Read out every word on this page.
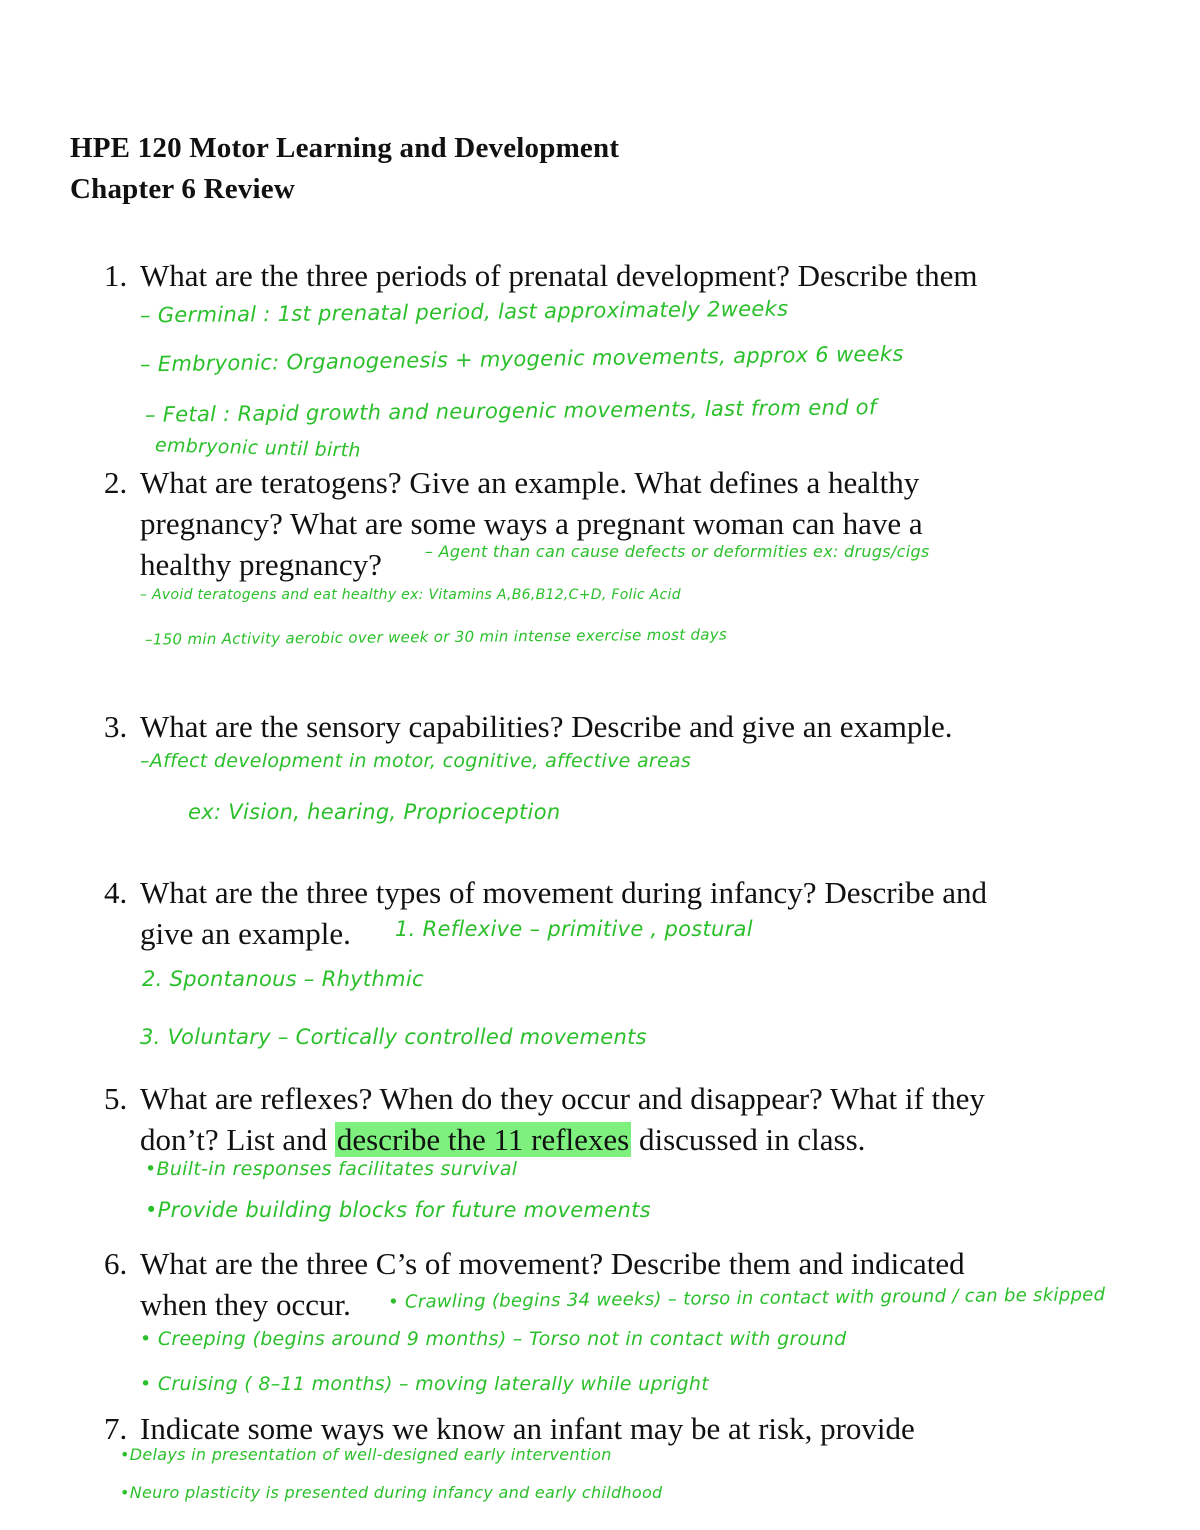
HPE 120 Motor Learning and Development
Chapter 6 Review
1. What are the three periods of prenatal development? Describe them
– Germinal : 1st prenatal period, last approximately 2weeks
– Embryonic: Organogenesis + myogenic movements, approx 6 weeks
– Fetal : Rapid growth and neurogenic movements, last from end of
embryonic until birth
2. What are teratogens? Give an example. What defines a healthy
pregnancy? What are some ways a pregnant woman can have a
healthy pregnancy?	– Agent than can cause defects or deformities ex: drugs/cigs
– Avoid teratogens and eat healthy ex: Vitamins A,B6,B12,C+D, Folic Acid
–150 min Activity aerobic over week or 30 min intense exercise most days
3. What are the sensory capabilities? Describe and give an example.
–Affect development in motor, cognitive, affective areas
ex: Vision, hearing, Proprioception
4. What are the three types of movement during infancy? Describe and
give an example.	1. Reflexive – primitive , postural
2. Spontanous – Rhythmic
3. Voluntary – Cortically controlled movements
5. What are reflexes? When do they occur and disappear? What if they
don’t? List and describe the 11 reflexes discussed in class.
•Built-in responses facilitates survival
•Provide building blocks for future movements
6. What are the three C’s of movement? Describe them and indicated
when they occur.	• Crawling (begins 34 weeks) – torso in contact with ground / can be skipped
• Creeping (begins around 9 months) – Torso not in contact with ground
• Cruising ( 8–11 months) – moving laterally while upright
7. Indicate some ways we know an infant may be at risk, provide
•Delays in presentation of well-designed early intervention
•Neuro plasticity is presented during infancy and early childhood
